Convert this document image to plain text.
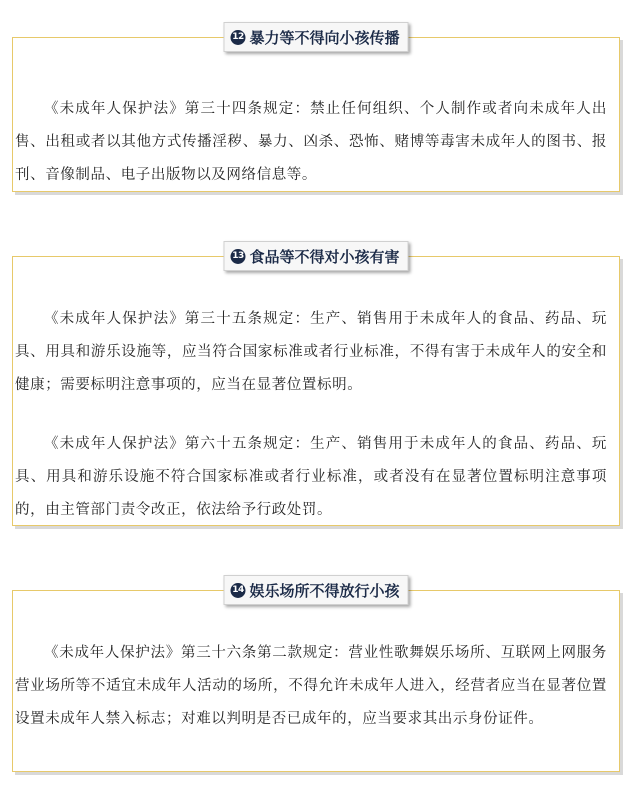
12 暴力等不得向小孩传播

《未成年人保护法》第三十四条规定：禁止任何组织、个人制作或者向未成年人出售、出租或者以其他方式传播淫秽、暴力、凶杀、恐怖、赌博等毒害未成年人的图书、报刊、音像制品、电子出版物以及网络信息等。

13 食品等不得对小孩有害

《未成年人保护法》第三十五条规定：生产、销售用于未成年人的食品、药品、玩具、用具和游乐设施等，应当符合国家标准或者行业标准，不得有害于未成年人的安全和健康；需要标明注意事项的，应当在显著位置标明。

《未成年人保护法》第六十五条规定：生产、销售用于未成年人的食品、药品、玩具、用具和游乐设施不符合国家标准或者行业标准，或者没有在显著位置标明注意事项的，由主管部门责令改正，依法给予行政处罚。

14 娱乐场所不得放行小孩

《未成年人保护法》第三十六条第二款规定：营业性歌舞娱乐场所、互联网上网服务营业场所等不适宜未成年人活动的场所，不得允许未成年人进入，经营者应当在显著位置设置未成年人禁入标志；对难以判明是否已成年的，应当要求其出示身份证件。
